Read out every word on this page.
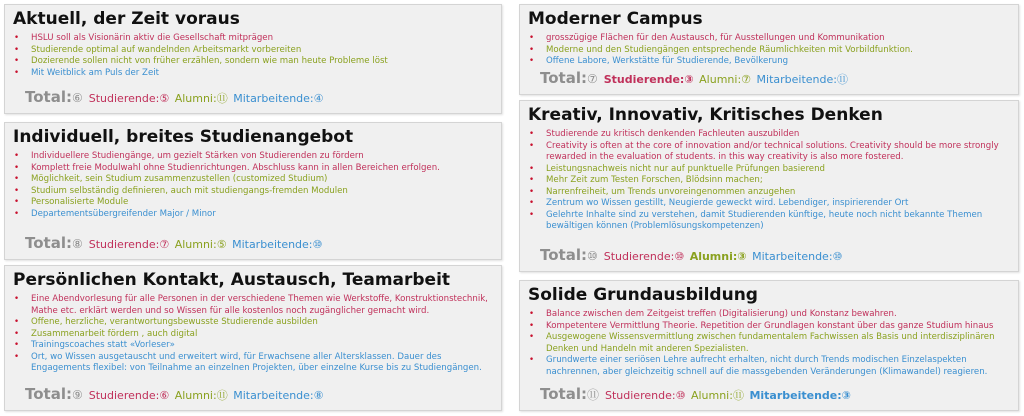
Aktuell, der Zeit voraus
• HSLU soll als Visionärin aktiv die Gesellschaft mitprägen
• Studierende optimal auf wandelnden Arbeitsmarkt vorbereiten
• Dozierende sollen nicht von früher erzählen, sondern wie man heute Probleme löst
• Mit Weitblick am Puls der Zeit
Total:⑥ Studierende:⑤ Alumni:⑪ Mitarbeitende:④
Individuell, breites Studienangebot
• Individuellere Studiengänge, um gezielt Stärken von Studierenden zu fördern
• Komplett freie Modulwahl ohne Studienrichtungen. Abschluss kann in allen Bereichen erfolgen.
• Möglichkeit, sein Studium zusammenzustellen (customized Studium)
• Studium selbständig definieren, auch mit studiengangs-fremden Modulen
• Personalisierte Module
• Departementsübergreifender Major / Minor
Total:⑧ Studierende:⑦ Alumni:⑤ Mitarbeitende:⑩
Persönlichen Kontakt, Austausch, Teamarbeit
• Eine Abendvorlesung für alle Personen in der verschiedene Themen wie Werkstoffe, Konstruktionstechnik, Mathe etc. erklärt werden und so Wissen für alle kostenlos noch zugänglicher gemacht wird.
• Offene, herzliche, verantwortungsbewusste Studierende ausbilden
• Zusammenarbeit fördern , auch digital
• Trainingscoaches statt «Vorleser»
• Ort, wo Wissen ausgetauscht und erweitert wird, für Erwachsene aller Altersklassen. Dauer des Engagements flexibel: von Teilnahme an einzelnen Projekten, über einzelne Kurse bis zu Studiengängen.
Total:⑨ Studierende:⑥ Alumni:⑪ Mitarbeitende:⑧
Moderner Campus
• grosszügige Flächen für den Austausch, für Ausstellungen und Kommunikation
• Moderne und den Studiengängen entsprechende Räumlichkeiten mit Vorbildfunktion.
• Offene Labore, Werkstätte für Studierende, Bevölkerung
Total:⑦ Studierende:③ Alumni:⑦ Mitarbeitende:⑪
Kreativ, Innovativ, Kritisches Denken
• Studierende zu kritisch denkenden Fachleuten auszubilden
• Creativity is often at the core of innovation and/or technical solutions. Creativity should be more strongly rewarded in the evaluation of students. in this way creativity is also more fostered.
• Leistungsnachweis nicht nur auf punktuelle Prüfungen basierend
• Mehr Zeit zum Testen Forschen, Blödsinn machen;
• Narrenfreiheit, um Trends unvoreingenommen anzugehen
• Zentrum wo Wissen gestillt, Neugierde geweckt wird. Lebendiger, inspirierender Ort
• Gelehrte Inhalte sind zu verstehen, damit Studierenden künftige, heute noch nicht bekannte Themen bewältigen können (Problemlösungskompetenzen)
Total:⑩ Studierende:⑩ Alumni:③ Mitarbeitende:⑩
Solide Grundausbildung
• Balance zwischen dem Zeitgeist treffen (Digitalisierung) und Konstanz bewahren.
• Kompetentere Vermittlung Theorie. Repetition der Grundlagen konstant über das ganze Studium hinaus
• Ausgewogene Wissensvermittlung zwischen fundamentalem Fachwissen als Basis und interdisziplinären Denken und Handeln mit anderen Spezialisten.
• Grundwerte einer seriösen Lehre aufrecht erhalten, nicht durch Trends modischen Einzelaspekten nachrennen, aber gleichzeitig schnell auf die massgebenden Veränderungen (Klimawandel) reagieren.
Total:⑪ Studierende:⑩ Alumni:⑪ Mitarbeitende:③
